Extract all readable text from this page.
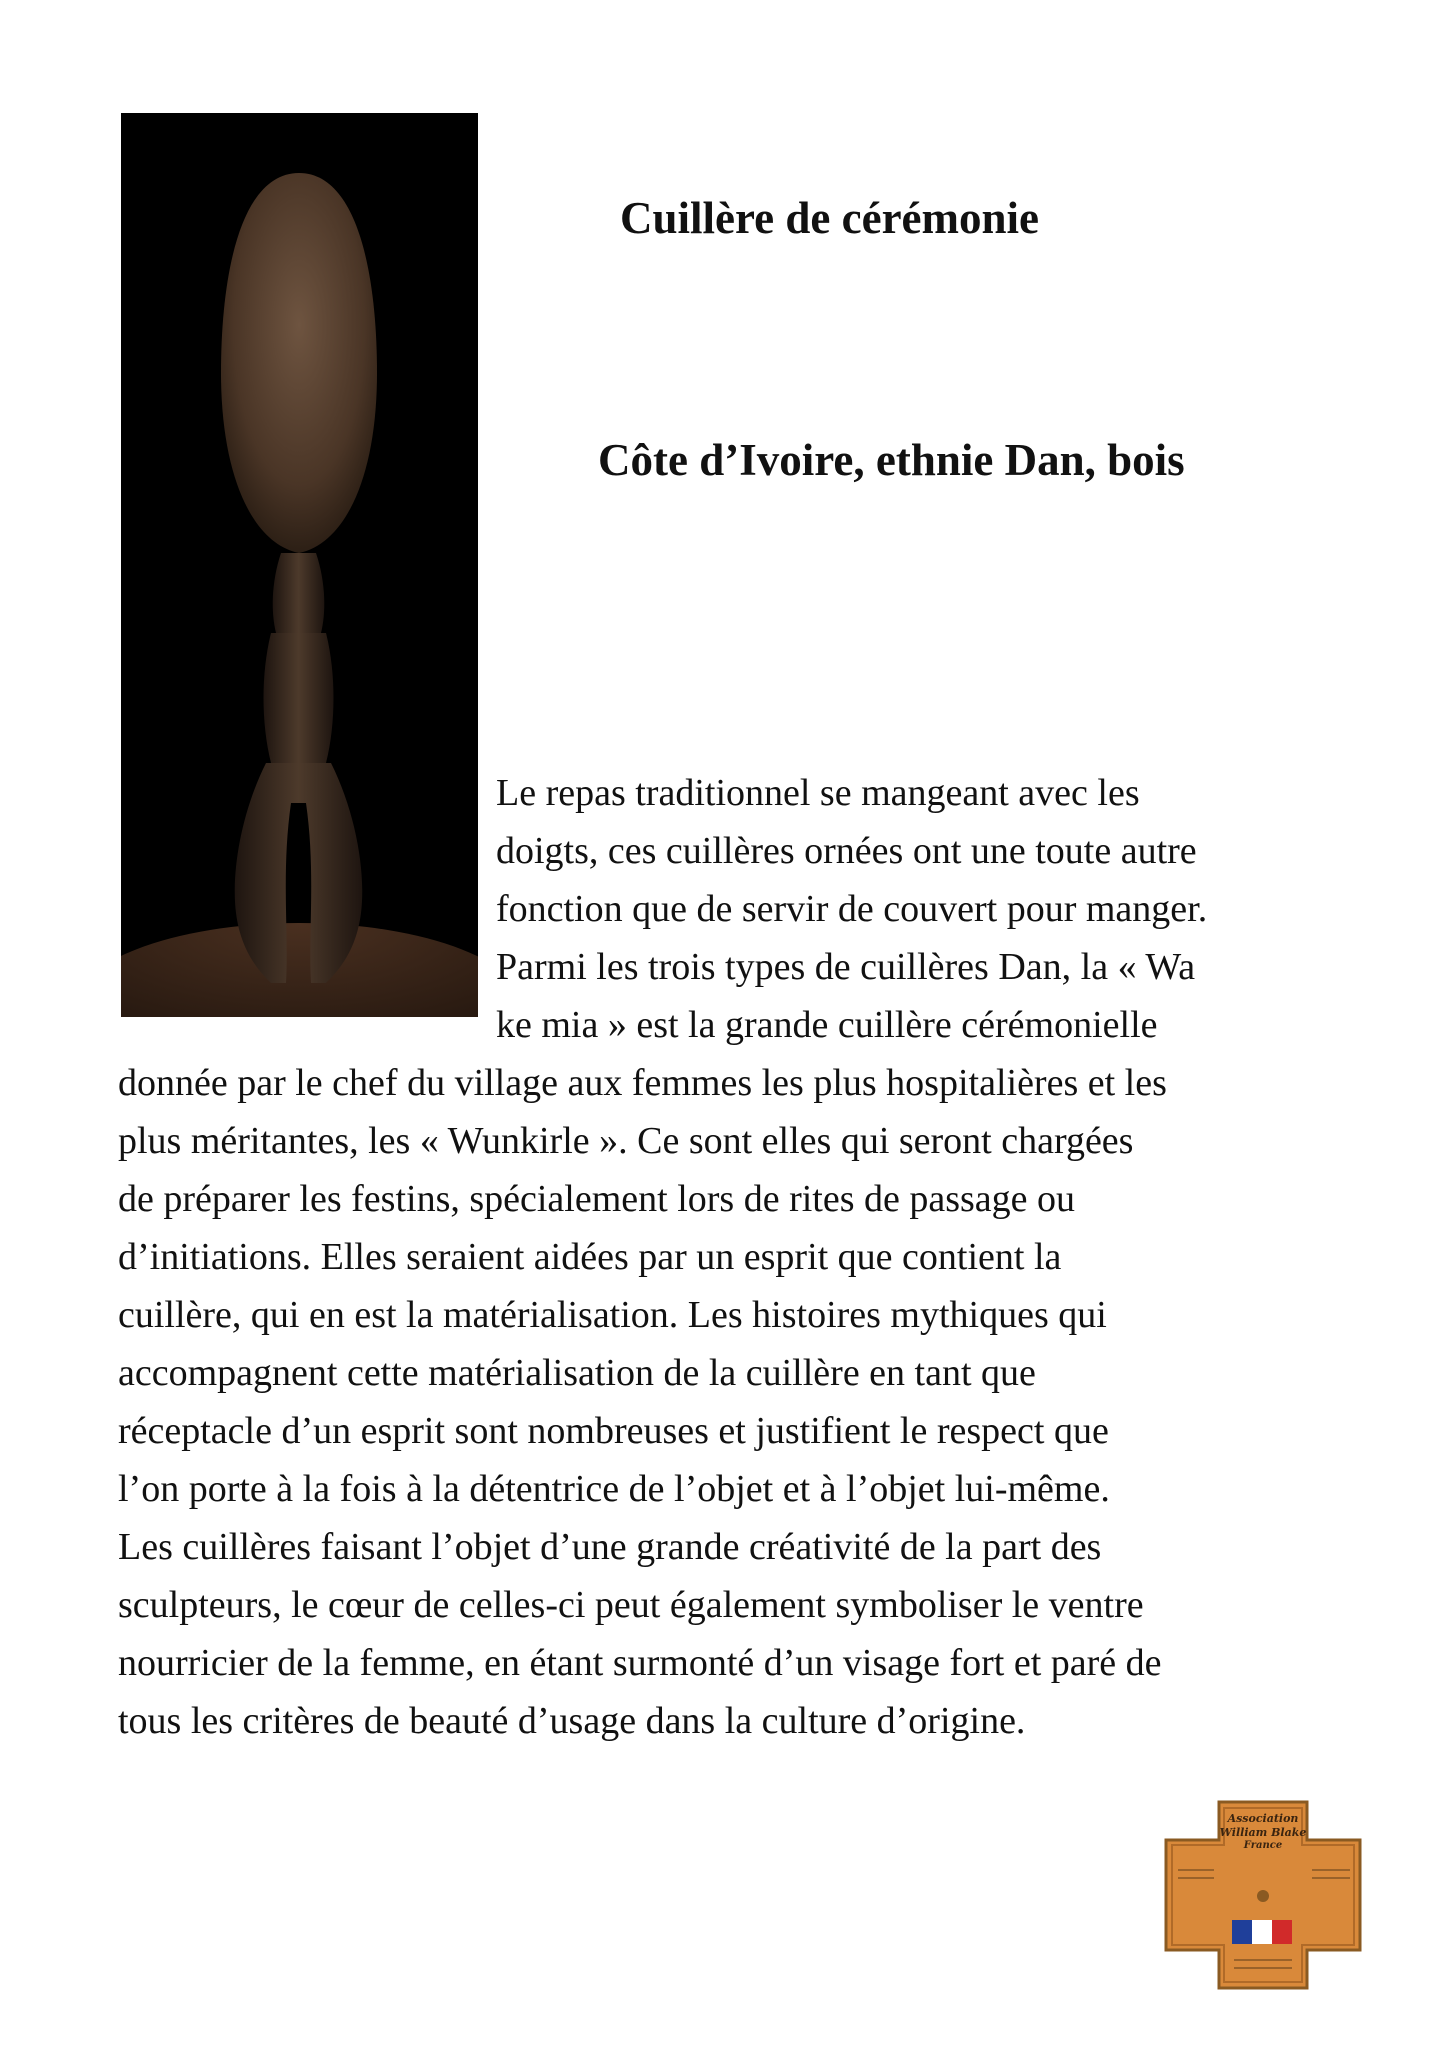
Cuillère de cérémonie
Côte d’Ivoire, ethnie Dan, bois
Le repas traditionnel se mangeant avec les
doigts, ces cuillères ornées ont une toute autre
fonction que de servir de couvert pour manger.
Parmi les trois types de cuillères Dan, la « Wa
ke mia » est la grande cuillère cérémonielle
donnée par le chef du village aux femmes les plus hospitalières et les
plus méritantes, les « Wunkirle ». Ce sont elles qui seront chargées
de préparer les festins, spécialement lors de rites de passage ou
d’initiations. Elles seraient aidées par un esprit que contient la
cuillère, qui en est la matérialisation. Les histoires mythiques qui
accompagnent cette matérialisation de la cuillère en tant que
réceptacle d’un esprit sont nombreuses et justifient le respect que
l’on porte à la fois à la détentrice de l’objet et à l’objet lui-même.
Les cuillères faisant l’objet d’une grande créativité de la part des
sculpteurs, le cœur de celles-ci peut également symboliser le ventre
nourricier de la femme, en étant surmonté d’un visage fort et paré de
tous les critères de beauté d’usage dans la culture d’origine.
Association
William Blake
France
